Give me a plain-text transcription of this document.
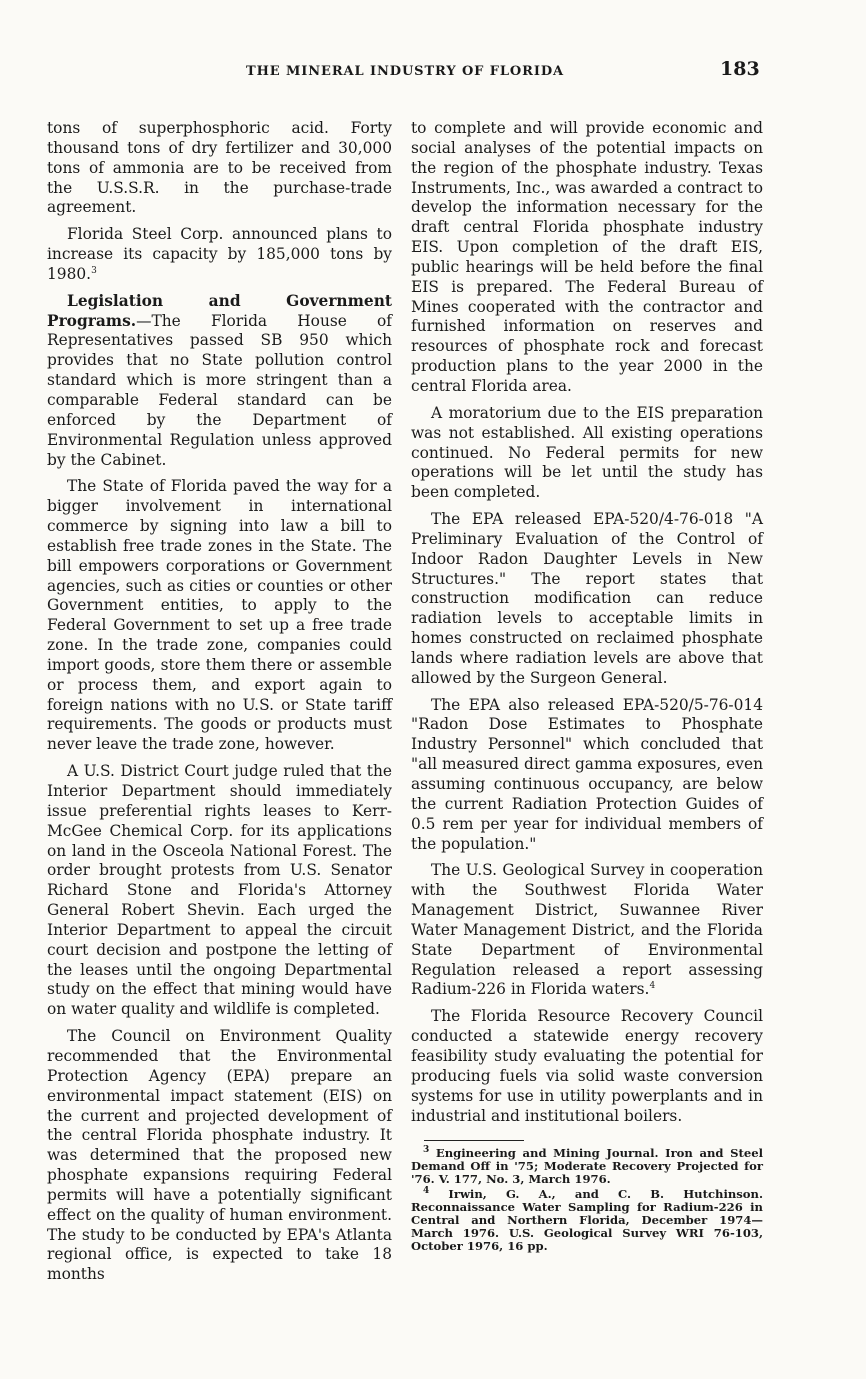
THE MINERAL INDUSTRY OF FLORIDA	183

tons of superphosphoric acid. Forty thousand tons of dry fertilizer and 30,000 tons of ammonia are to be received from the U.S.S.R. in the purchase-trade agreement.

Florida Steel Corp. announced plans to increase its capacity by 185,000 tons by 1980.$^3$

Legislation and Government Programs.—The Florida House of Representatives passed SB 950 which provides that no State pollution control standard which is more stringent than a comparable Federal standard can be enforced by the Department of Environmental Regulation unless approved by the Cabinet.

The State of Florida paved the way for a bigger involvement in international commerce by signing into law a bill to establish free trade zones in the State. The bill empowers corporations or Government agencies, such as cities or counties or other Government entities, to apply to the Federal Government to set up a free trade zone. In the trade zone, companies could import goods, store them there or assemble or process them, and export again to foreign nations with no U.S. or State tariff requirements. The goods or products must never leave the trade zone, however.

A U.S. District Court judge ruled that the Interior Department should immediately issue preferential rights leases to Kerr-McGee Chemical Corp. for its applications on land in the Osceola National Forest. The order brought protests from U.S. Senator Richard Stone and Florida's Attorney General Robert Shevin. Each urged the Interior Department to appeal the circuit court decision and postpone the letting of the leases until the ongoing Departmental study on the effect that mining would have on water quality and wildlife is completed.

The Council on Environment Quality recommended that the Environmental Protection Agency (EPA) prepare an environmental impact statement (EIS) on the current and projected development of the central Florida phosphate industry. It was determined that the proposed new phosphate expansions requiring Federal permits will have a potentially significant effect on the quality of human environment. The study to be conducted by EPA's Atlanta regional office, is expected to take 18 months

to complete and will provide economic and social analyses of the potential impacts on the region of the phosphate industry. Texas Instruments, Inc., was awarded a contract to develop the information necessary for the draft central Florida phosphate industry EIS. Upon completion of the draft EIS, public hearings will be held before the final EIS is prepared. The Federal Bureau of Mines cooperated with the contractor and furnished information on reserves and resources of phosphate rock and forecast production plans to the year 2000 in the central Florida area.

A moratorium due to the EIS preparation was not established. All existing operations continued. No Federal permits for new operations will be let until the study has been completed.

The EPA released EPA-520/4-76-018 "A Preliminary Evaluation of the Control of Indoor Radon Daughter Levels in New Structures." The report states that construction modification can reduce radiation levels to acceptable limits in homes constructed on reclaimed phosphate lands where radiation levels are above that allowed by the Surgeon General.

The EPA also released EPA-520/5-76-014 "Radon Dose Estimates to Phosphate Industry Personnel" which concluded that "all measured direct gamma exposures, even assuming continuous occupancy, are below the current Radiation Protection Guides of 0.5 rem per year for individual members of the population."

The U.S. Geological Survey in cooperation with the Southwest Florida Water Management District, Suwannee River Water Management District, and the Florida State Department of Environmental Regulation released a report assessing Radium-226 in Florida waters.$^4$

The Florida Resource Recovery Council conducted a statewide energy recovery feasibility study evaluating the potential for producing fuels via solid waste conversion systems for use in utility powerplants and in industrial and institutional boilers.

$^3$ Engineering and Mining Journal. Iron and Steel Demand Off in '75; Moderate Recovery Projected for '76. V. 177, No. 3, March 1976.

$^4$ Irwin, G. A., and C. B. Hutchinson. Reconnaissance Water Sampling for Radium-226 in Central and Northern Florida, December 1974—March 1976. U.S. Geological Survey WRI 76-103, October 1976, 16 pp.
